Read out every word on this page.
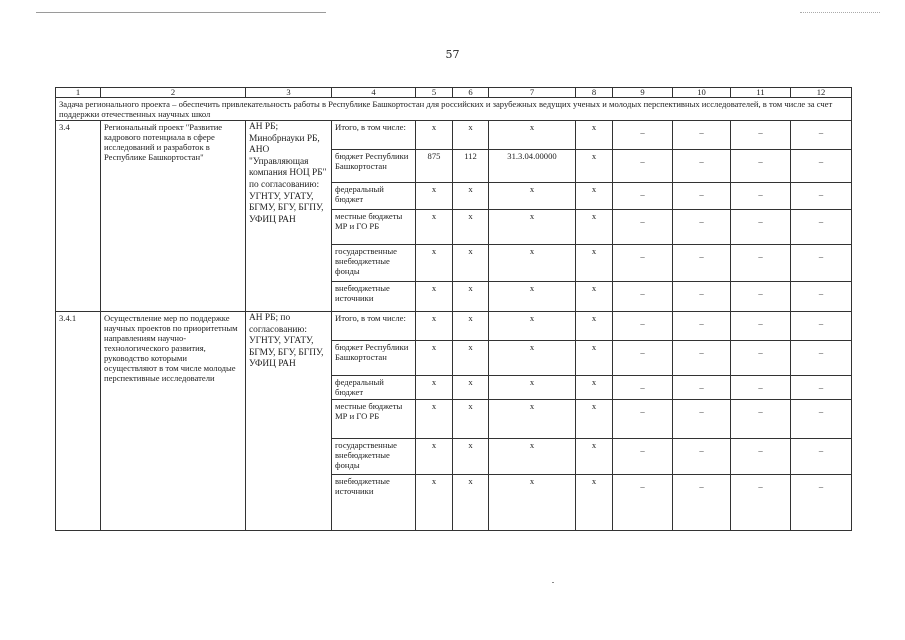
57
1	2	3	4	5	6	7	8	9	10	11	12
Задача регионального проекта – обеспечить привлекательность работы в Республике Башкортостан для российских и зарубежных ведущих ученых и молодых перспективных исследователей, в том числе за счет поддержки отечественных научных школ											
3.4	Региональный проект "Развитие кадрового потенциала в сфере исследований и разработок в Республике Башкортостан"	АН РБ; Минобрнауки РБ, АНО "Управляющая компания НОЦ РБ" по согласованию: УГНТУ, УГАТУ, БГМУ, БГУ, БГПУ, УФИЦ РАН	Итого, в том числе:	х	х	х	х	–	–	–	–
			бюджет Республики Башкортостан	875	112	31.3.04.00000	х	–	–	–	–
			федеральный бюджет	х	х	х	х	–	–	–	–
			местные бюджеты МР и ГО РБ	х	х	х	х	–	–	–	–
			государственные внебюджетные фонды	х	х	х	х	–	–	–	–
			внебюджетные источники	х	х	х	х	–	–	–	–
3.4.1	Осуществление мер по поддержке научных проектов по приоритетным направлениям научно-технологического развития, руководство которыми осуществляют в том числе молодые перспективные исследователи	АН РБ; по согласованию: УГНТУ, УГАТУ, БГМУ, БГУ, БГПУ, УФИЦ РАН	Итого, в том числе:	х	х	х	х	–	–	–	–
			бюджет Республики Башкортостан	х	х	х	х	–	–	–	–
			федеральный бюджет	х	х	х	х	–	–	–	–
			местные бюджеты МР и ГО РБ	х	х	х	х	–	–	–	–
			государственные внебюджетные фонды	х	х	х	х	–	–	–	–
			внебюджетные источники	х	х	х	х	–	–	–	–
